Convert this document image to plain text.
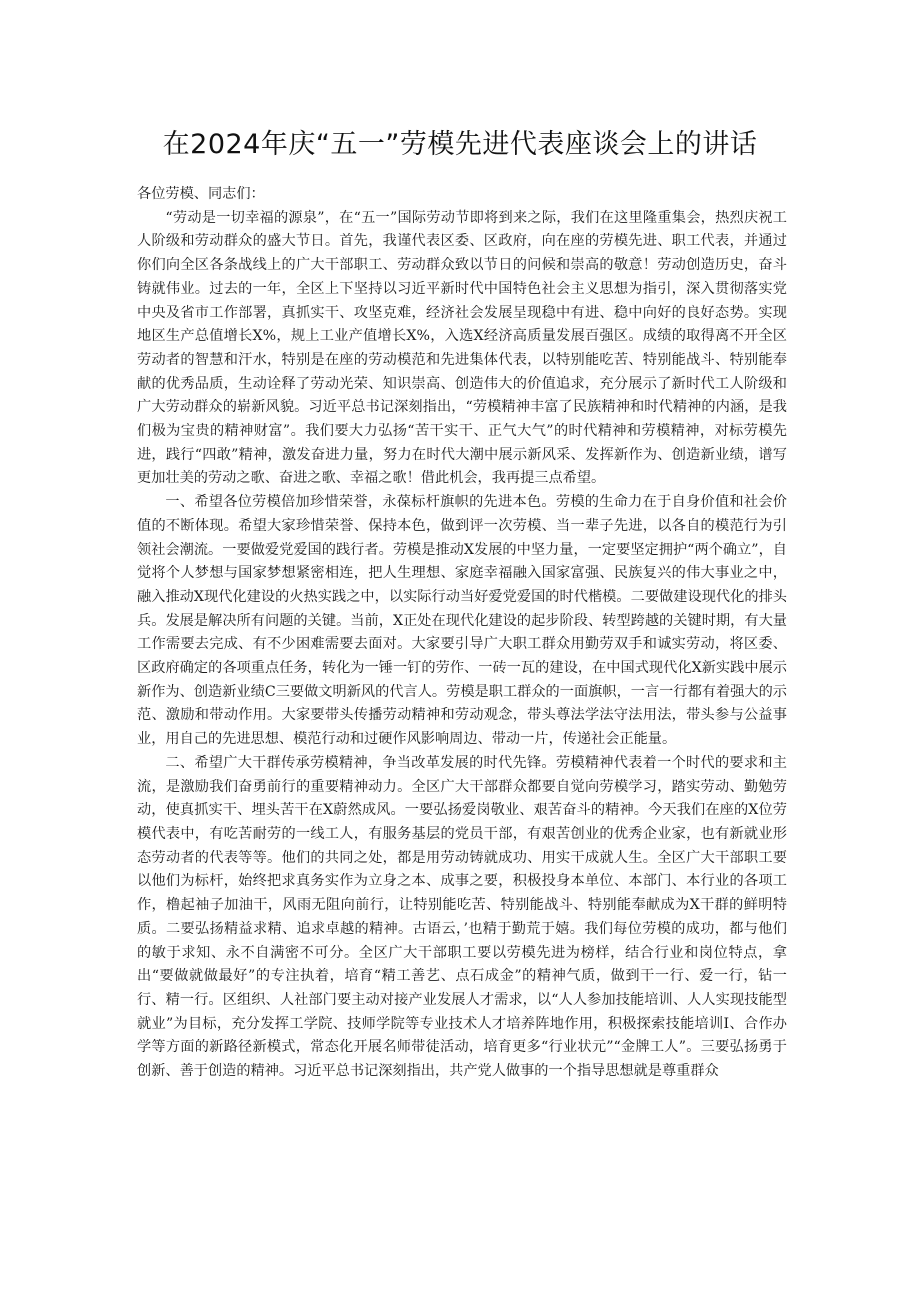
在2024年庆“五一”劳模先进代表座谈会上的讲话

各位劳模、同志们：

“劳动是一切幸福的源泉”，在“五一”国际劳动节即将到来之际，我们在这里隆重集会，热烈庆祝工人阶级和劳动群众的盛大节日。首先，我谨代表区委、区政府，向在座的劳模先进、职工代表，并通过你们向全区各条战线上的广大干部职工、劳动群众致以节日的问候和崇高的敬意！劳动创造历史，奋斗铸就伟业。过去的一年，全区上下坚持以习近平新时代中国特色社会主义思想为指引，深入贯彻落实党中央及省市工作部署，真抓实干、攻坚克难，经济社会发展呈现稳中有进、稳中向好的良好态势。实现地区生产总值增长X%，规上工业产值增长X%，入选X经济高质量发展百强区。成绩的取得离不开全区劳动者的智慧和汗水，特别是在座的劳动模范和先进集体代表，以特别能吃苦、特别能战斗、特别能奉献的优秀品质，生动诠释了劳动光荣、知识崇高、创造伟大的价值追求，充分展示了新时代工人阶级和广大劳动群众的崭新风貌。习近平总书记深刻指出，“劳模精神丰富了民族精神和时代精神的内涵，是我们极为宝贵的精神财富”。我们要大力弘扬“苦干实干、正气大气”的时代精神和劳模精神，对标劳模先进，践行“四敢”精神，激发奋进力量，努力在时代大潮中展示新风采、发挥新作为、创造新业绩，谱写更加壮美的劳动之歌、奋进之歌、幸福之歌！借此机会，我再提三点希望。

一、希望各位劳模倍加珍惜荣誉，永葆标杆旗帜的先进本色。劳模的生命力在于自身价值和社会价值的不断体现。希望大家珍惜荣誉、保持本色，做到评一次劳模、当一辈子先进，以各自的模范行为引领社会潮流。一要做爱党爱国的践行者。劳模是推动X发展的中坚力量，一定要坚定拥护“两个确立”，自觉将个人梦想与国家梦想紧密相连，把人生理想、家庭幸福融入国家富强、民族复兴的伟大事业之中，融入推动X现代化建设的火热实践之中，以实际行动当好爱党爱国的时代楷模。二要做建设现代化的排头兵。发展是解决所有问题的关键。当前，X正处在现代化建设的起步阶段、转型跨越的关键时期，有大量工作需要去完成、有不少困难需要去面对。大家要引导广大职工群众用勤劳双手和诚实劳动，将区委、区政府确定的各项重点任务，转化为一锤一钉的劳作、一砖一瓦的建设，在中国式现代化X新实践中展示新作为、创造新业绩C三要做文明新风的代言人。劳模是职工群众的一面旗帜，一言一行都有着强大的示范、激励和带动作用。大家要带头传播劳动精神和劳动观念，带头尊法学法守法用法，带头参与公益事业，用自己的先进思想、模范行动和过硬作风影响周边、带动一片，传递社会正能量。

二、希望广大干群传承劳模精神，争当改革发展的时代先锋。劳模精神代表着一个时代的要求和主流，是激励我们奋勇前行的重要精神动力。全区广大干部群众都要自觉向劳模学习，踏实劳动、勤勉劳动，使真抓实干、埋头苦干在X蔚然成风。一要弘扬爱岗敬业、艰苦奋斗的精神。今天我们在座的X位劳模代表中，有吃苦耐劳的一线工人，有服务基层的党员干部，有艰苦创业的优秀企业家，也有新就业形态劳动者的代表等等。他们的共同之处，都是用劳动铸就成功、用实干成就人生。全区广大干部职工要以他们为标杆，始终把求真务实作为立身之本、成事之要，积极投身本单位、本部门、本行业的各项工作，橹起袖子加油干，风雨无阻向前行，让特别能吃苦、特别能战斗、特别能奉献成为X干群的鲜明特质。二要弘扬精益求精、追求卓越的精神。古语云，’也精于勤荒于嬉。我们每位劳模的成功，都与他们的敏于求知、永不自满密不可分。全区广大干部职工要以劳模先进为榜样，结合行业和岗位特点，拿出“要做就做最好”的专注执着，培育“精工善艺、点石成金”的精神气质，做到干一行、爱一行，钻一行、精一行。区组织、人社部门要主动对接产业发展人才需求，以“人人参加技能培训、人人实现技能型就业”为目标，充分发挥工学院、技师学院等专业技术人才培养阵地作用，积极探索技能培训Ⅰ、合作办学等方面的新路径新模式，常态化开展名师带徒活动，培育更多“行业状元”“金牌工人”。三要弘扬勇于创新、善于创造的精神。习近平总书记深刻指出，共产党人做事的一个指导思想就是尊重群众
